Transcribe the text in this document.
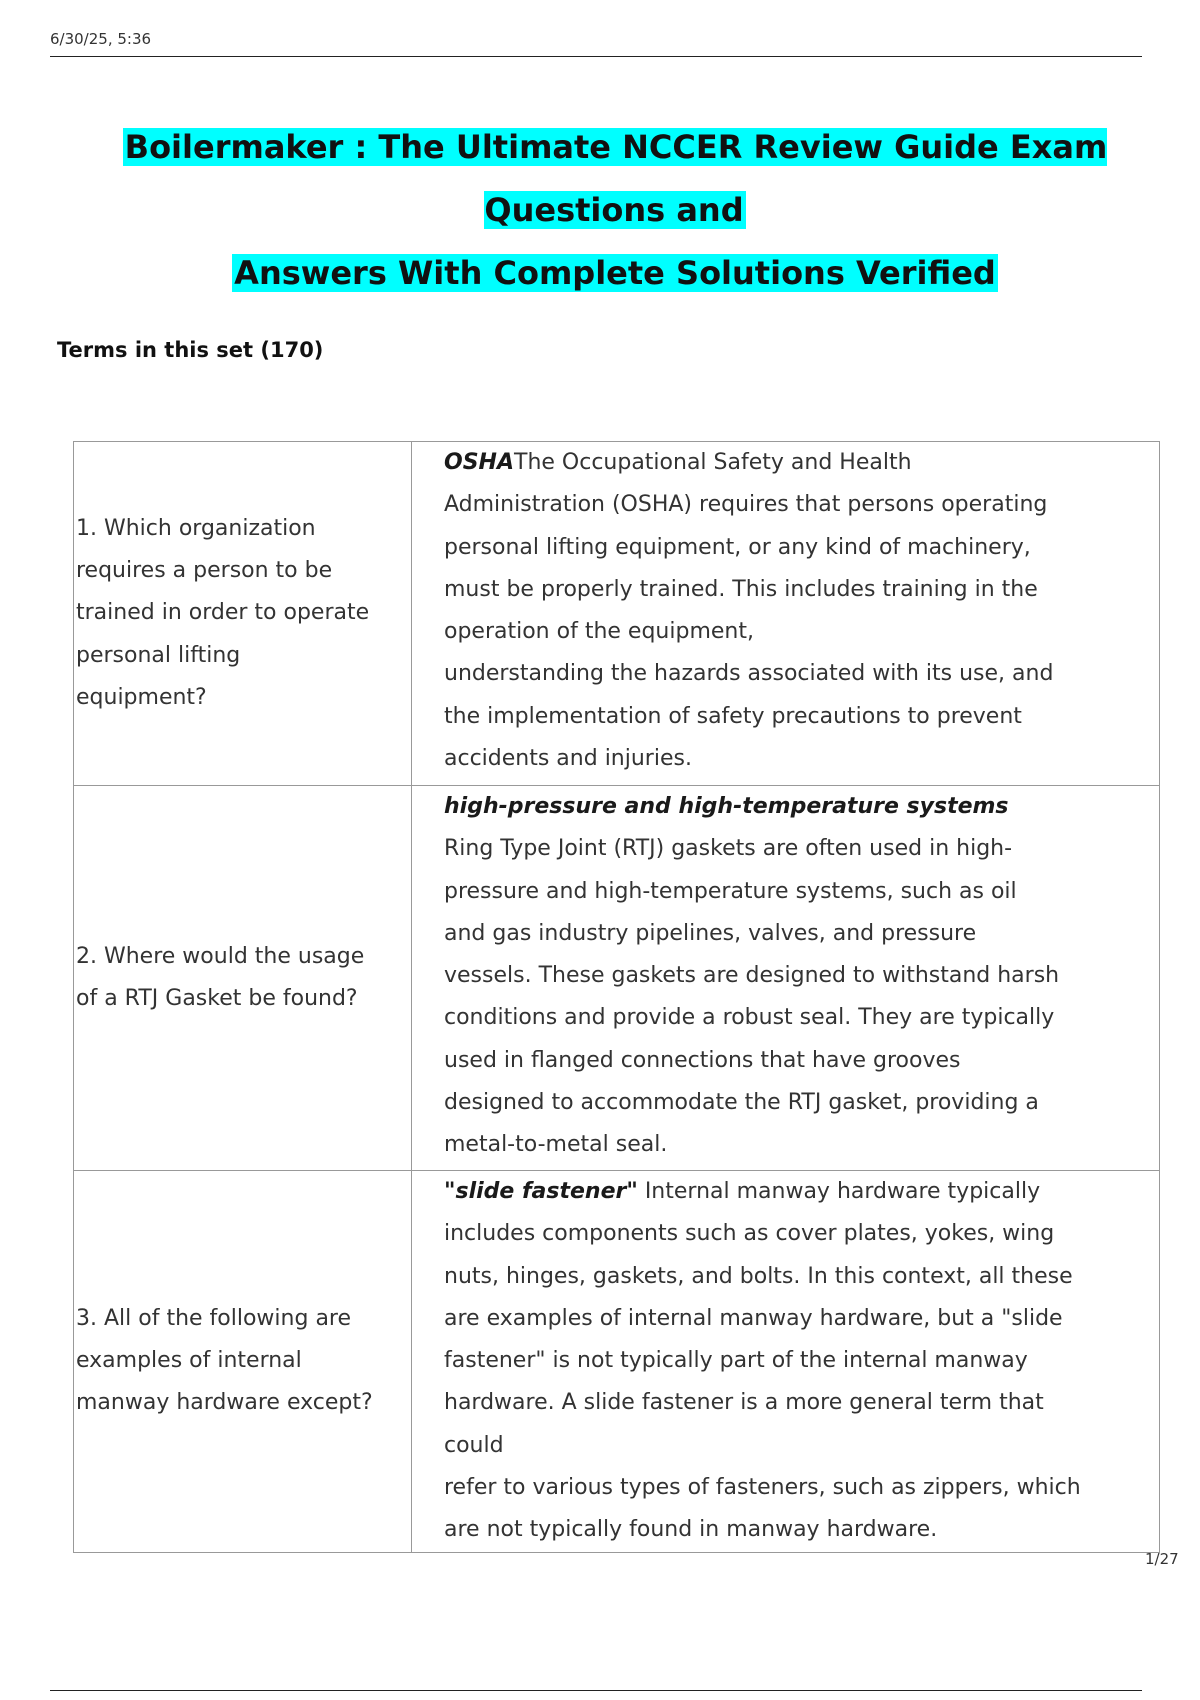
6/30/25, 5:36
Boilermaker : The Ultimate NCCER Review Guide Exam Questions and
Answers With Complete Solutions Verified
Terms in this set (170)
1. Which organization requires a person to be trained in order to operate personal lifting equipment?	OSHAThe Occupational Safety and Health Administration (OSHA) requires that persons operating personal lifting equipment, or any kind of machinery, must be properly trained. This includes training in the operation of the equipment,
understanding the hazards associated with its use, and the implementation of safety precautions to prevent accidents and injuries.

2. Where would the usage of a RTJ Gasket be found?	high-pressure and high-temperature systems Ring Type Joint (RTJ) gaskets are often used in high-pressure and high-temperature systems, such as oil and gas industry pipelines, valves, and pressure vessels. These gaskets are designed to withstand harsh conditions and provide a robust seal. They are typically used in flanged connections that have grooves designed to accommodate the RTJ gasket, providing a metal-to-metal seal.

3. All of the following are examples of internal manway hardware except?	"slide fastener" Internal manway hardware typically includes components such as cover plates, yokes, wing nuts, hinges, gaskets, and bolts. In this context, all these are examples of internal manway hardware, but a "slide fastener" is not typically part of the internal manway hardware. A slide fastener is a more general term that could
refer to various types of fasteners, such as zippers, which are not typically found in manway hardware.
1/27
